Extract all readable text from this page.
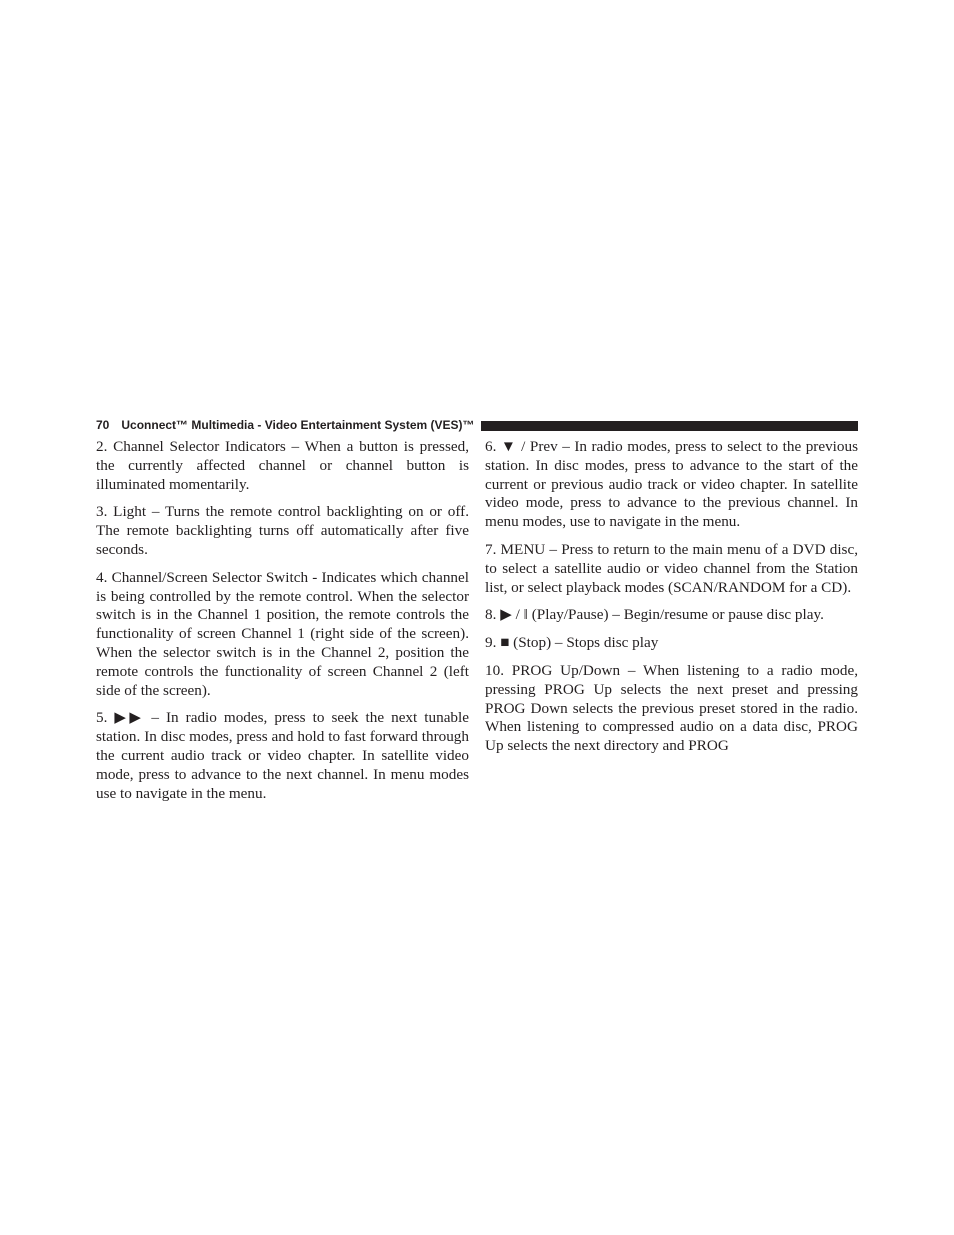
70 Uconnect™ Multimedia - Video Entertainment System (VES)™

2. Channel Selector Indicators – When a button is pressed, the currently affected channel or channel button is illuminated momentarily.

3. Light – Turns the remote control backlighting on or off. The remote backlighting turns off automatically after five seconds.

4. Channel/Screen Selector Switch - Indicates which channel is being controlled by the remote control. When the selector switch is in the Channel 1 position, the remote controls the functionality of screen Channel 1 (right side of the screen). When the selector switch is in the Channel 2, position the remote controls the functionality of screen Channel 2 (left side of the screen).

5. ▶▶ – In radio modes, press to seek the next tunable station. In disc modes, press and hold to fast forward through the current audio track or video chapter. In satellite video mode, press to advance to the next channel. In menu modes use to navigate in the menu.

6. ▼ / Prev – In radio modes, press to select to the previous station. In disc modes, press to advance to the start of the current or previous audio track or video chapter. In satellite video mode, press to advance to the previous channel. In menu modes, use to navigate in the menu.

7. MENU – Press to return to the main menu of a DVD disc, to select a satellite audio or video channel from the Station list, or select playback modes (SCAN/RANDOM for a CD).

8. ▶ / ‖ (Play/Pause) – Begin/resume or pause disc play.

9. ■ (Stop) – Stops disc play

10. PROG Up/Down – When listening to a radio mode, pressing PROG Up selects the next preset and pressing PROG Down selects the previous preset stored in the radio. When listening to compressed audio on a data disc, PROG Up selects the next directory and PROG
